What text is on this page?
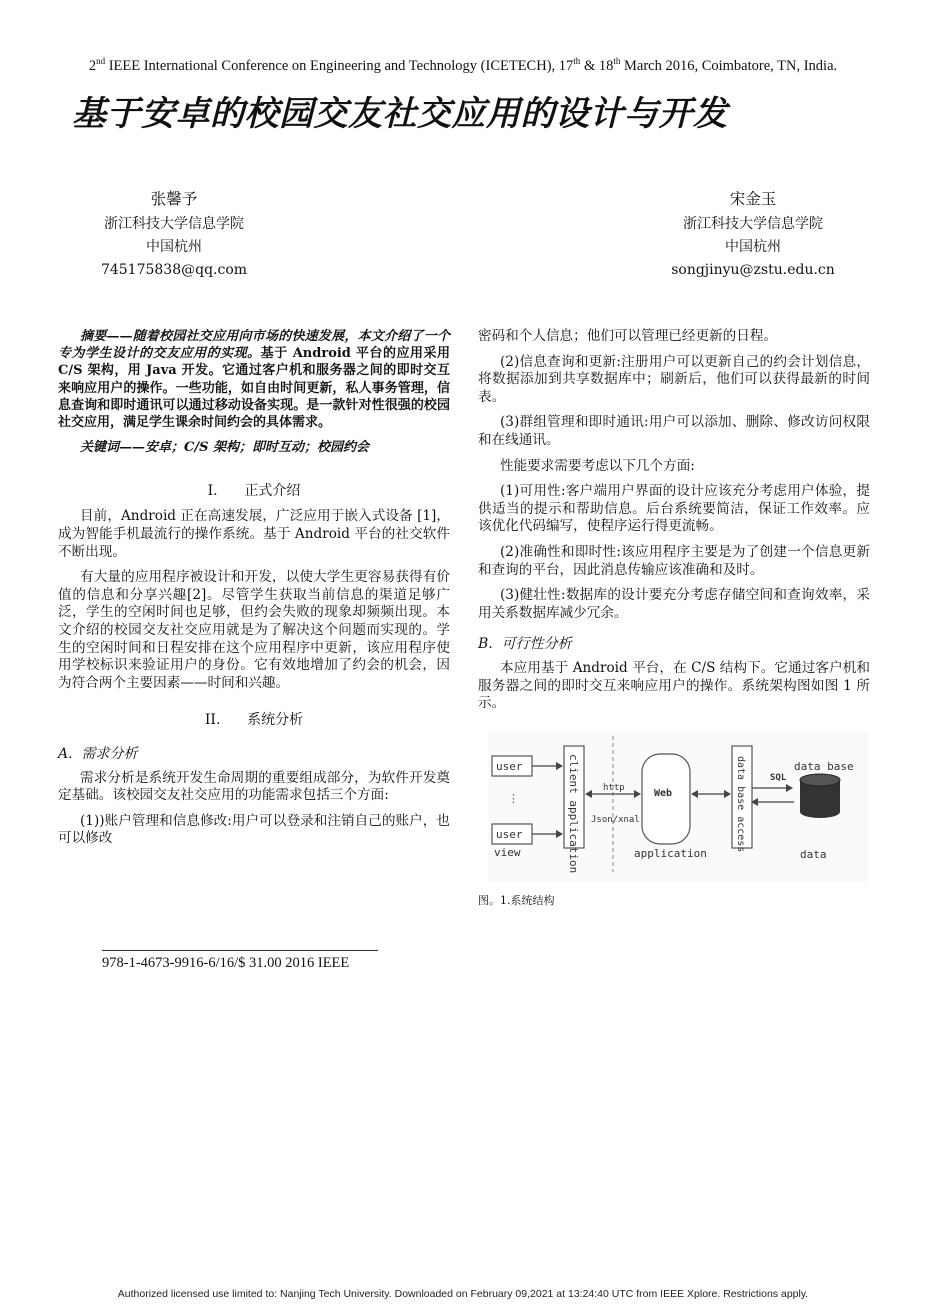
2nd IEEE International Conference on Engineering and Technology (ICETECH), 17th & 18th March 2016, Coimbatore, TN, India.
基于安卓的校园交友社交应用的设计与开发
张馨予
浙江科技大学信息学院
中国杭州
745175838@qq.com
宋金玉
浙江科技大学信息学院
中国杭州
songjinyu@zstu.edu.cn

摘要——随着校园社交应用向市场的快速发展，本文介绍了一个专为学生设计的交友应用的实现。基于 Android 平台的应用采用 C/S 架构，用 Java 开发。它通过客户机和服务器之间的即时交互来响应用户的操作。一些功能，如自由时间更新，私人事务管理，信息查询和即时通讯可以通过移动设备实现。是一款针对性很强的校园社交应用，满足学生课余时间约会的具体需求。

关键词——安卓；C/S 架构；即时互动；校园约会

I.      正式介绍

目前，Android 正在高速发展，广泛应用于嵌入式设备 [1]，成为智能手机最流行的操作系统。基于 Android 平台的社交软件不断出现。

有大量的应用程序被设计和开发，以使大学生更容易获得有价值的信息和分享兴趣[2]。尽管学生获取当前信息的渠道足够广泛，学生的空闲时间也足够，但约会失败的现象却频频出现。本文介绍的校园交友社交应用就是为了解决这个问题而实现的。学生的空闲时间和日程安排在这个应用程序中更新，该应用程序使用学校标识来验证用户的身份。它有效地增加了约会的机会，因为符合两个主要因素——时间和兴趣。

II.      系统分析

A.  需求分析

需求分析是系统开发生命周期的重要组成部分，为软件开发奠定基础。该校园交友社交应用的功能需求包括三个方面:

(1))账户管理和信息修改:用户可以登录和注销自己的账户，也可以修改

978-1-4673-9916-6/16/$ 31.00 2016 IEEE

密码和个人信息；他们可以管理已经更新的日程。

(2)信息查询和更新:注册用户可以更新自己的约会计划信息，将数据添加到共享数据库中；刷新后，他们可以获得最新的时间表。

(3)群组管理和即时通讯:用户可以添加、删除、修改访问权限和在线通讯。

性能要求需要考虑以下几个方面:

(1)可用性:客户端用户界面的设计应该充分考虑用户体验，提供适当的提示和帮助信息。后台系统要简洁，保证工作效率。应该优化代码编写，使程序运行得更流畅。

(2)准确性和即时性:该应用程序主要是为了创建一个信息更新和查询的平台，因此消息传输应该准确和及时。

(3)健壮性:数据库的设计要充分考虑存储空间和查询效率，采用关系数据库减少冗余。

B.  可行性分析

本应用基于 Android 平台，在 C/S 结构下。它通过客户机和服务器之间的即时交互来响应用户的操作。系统架构图如图 1 所示。

user
⋮
user
view	client application	http
Json/xnal
Web
application
data base access	SQL
data base
data
图。1.系统结构
Authorized licensed use limited to: Nanjing Tech University. Downloaded on February 09,2021 at 13:24:40 UTC from IEEE Xplore. Restrictions apply.
